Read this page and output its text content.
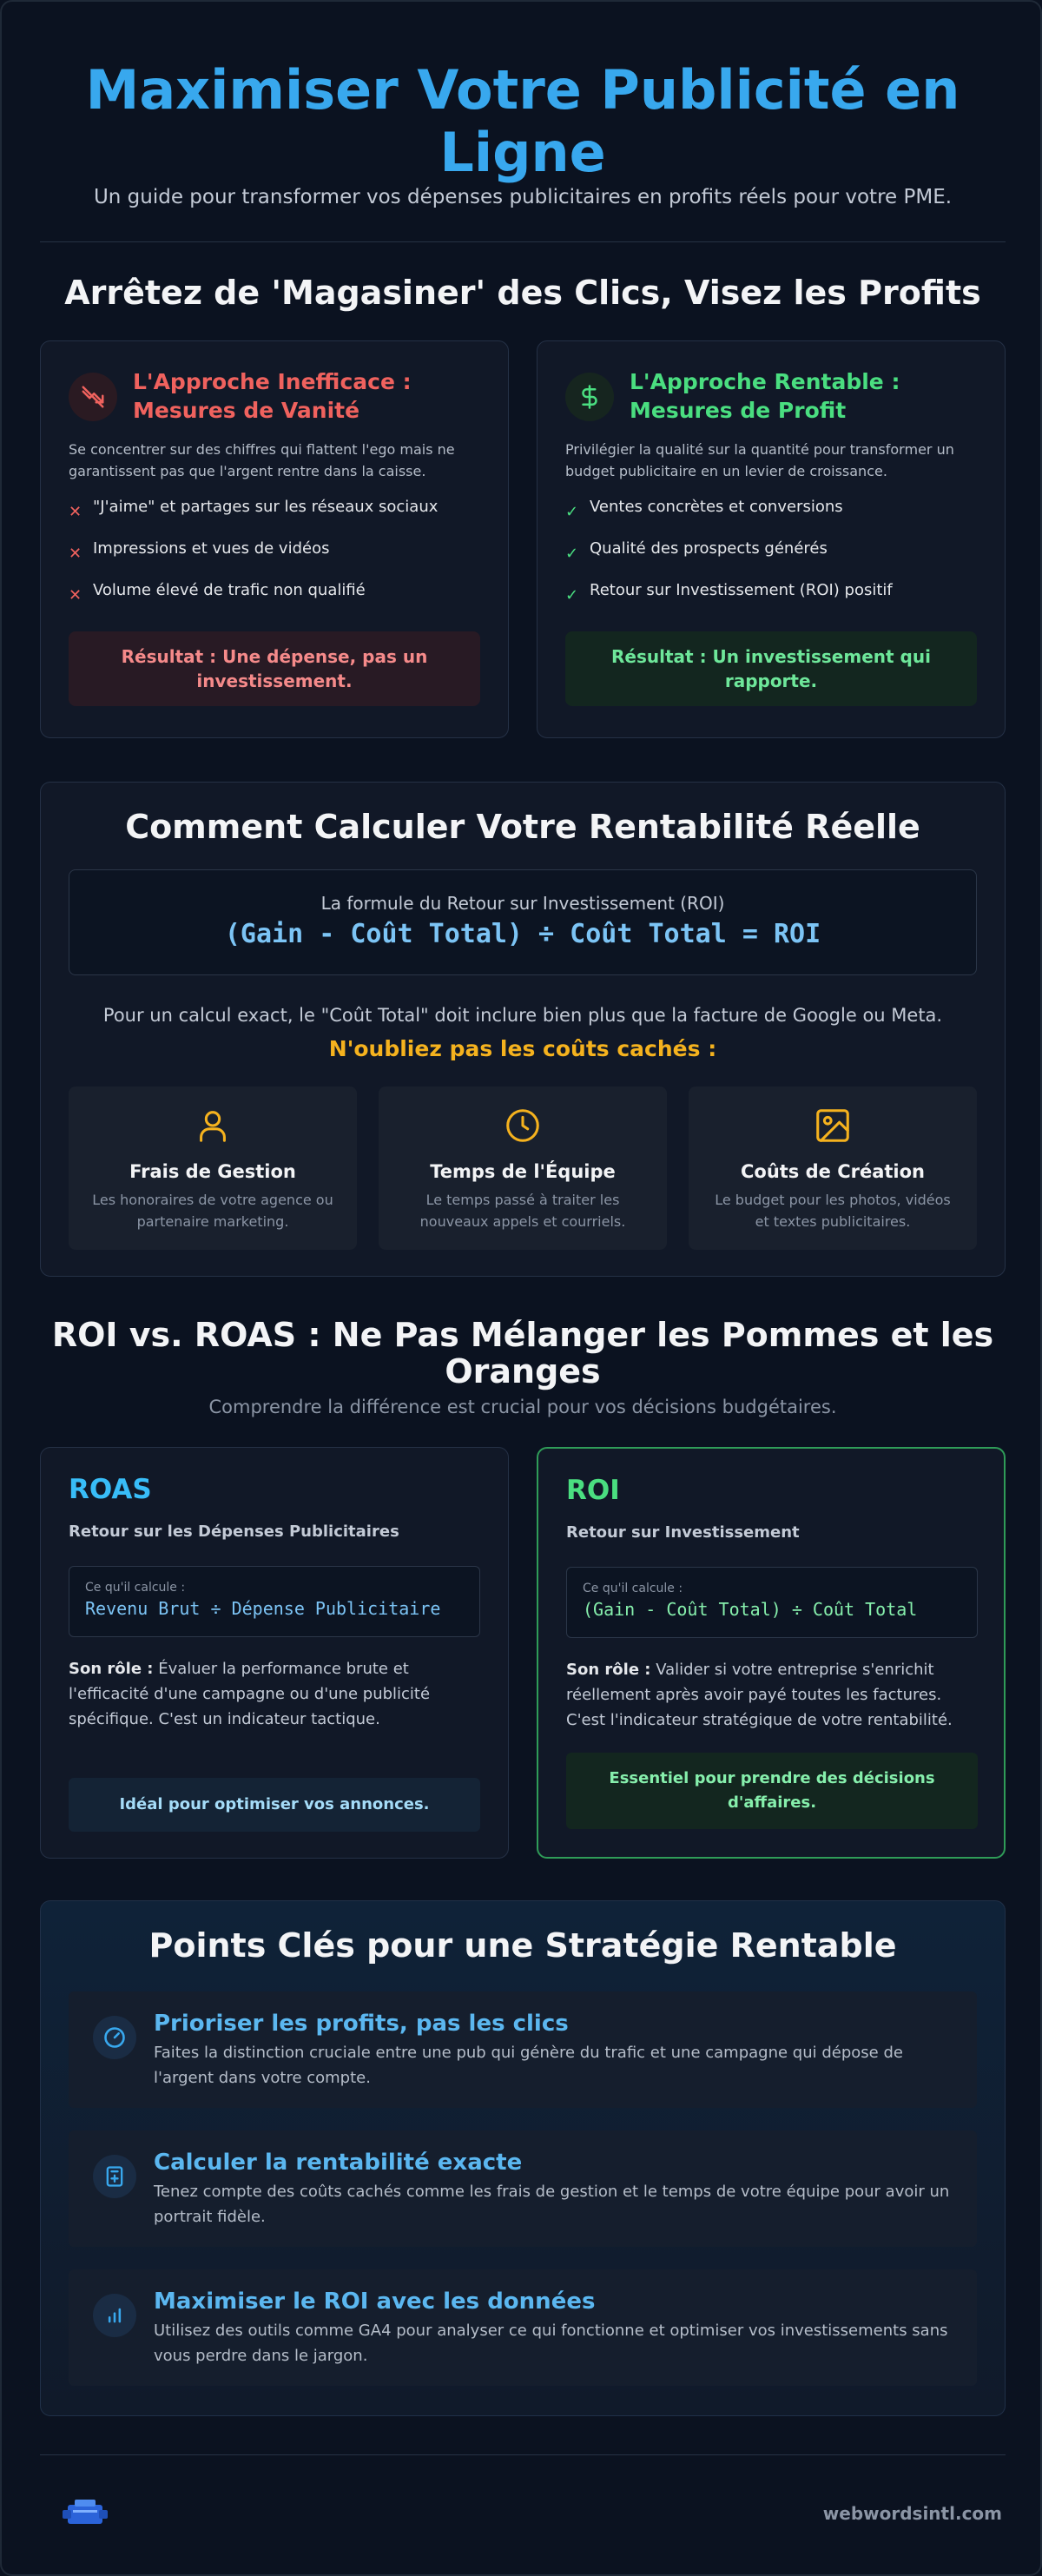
Maximiser Votre Publicité en Ligne

Un guide pour transformer vos dépenses publicitaires en profits réels pour votre PME.

Arrêtez de 'Magasiner' des Clics, Visez les Profits
L'Approche Inefficace : Mesures de Vanité

Se concentrer sur des chiffres qui flattent l'ego mais ne garantissent pas que l'argent rentre dans la caisse.

✕ "J'aime" et partages sur les réseaux sociaux
✕ Impressions et vues de vidéos
✕ Volume élevé de trafic non qualifié
Résultat : Une dépense, pas un investissement.
L'Approche Rentable : Mesures de Profit

Privilégier la qualité sur la quantité pour transformer un budget publicitaire en un levier de croissance.

✓ Ventes concrètes et conversions
✓ Qualité des prospects générés
✓ Retour sur Investissement (ROI) positif
Résultat : Un investissement qui rapporte.
Comment Calculer Votre Rentabilité Réelle
La formule du Retour sur Investissement (ROI)
(Gain - Coût Total) ÷ Coût Total = ROI

Pour un calcul exact, le "Coût Total" doit inclure bien plus que la facture de Google ou Meta.

N'oubliez pas les coûts cachés :

Frais de Gestion
Les honoraires de votre agence ou partenaire marketing.
Temps de l'Équipe
Le temps passé à traiter les nouveaux appels et courriels.
Coûts de Création
Le budget pour les photos, vidéos et textes publicitaires.
ROI vs. ROAS : Ne Pas Mélanger les Pommes et les Oranges

Comprendre la différence est crucial pour vos décisions budgétaires.

ROAS
Retour sur les Dépenses Publicitaires
Ce qu'il calcule :
Revenu Brut ÷ Dépense Publicitaire

Son rôle : Évaluer la performance brute et l'efficacité d'une campagne ou d'une publicité spécifique. C'est un indicateur tactique.

Idéal pour optimiser vos annonces.
ROI
Retour sur Investissement
Ce qu'il calcule :
(Gain - Coût Total) ÷ Coût Total

Son rôle : Valider si votre entreprise s'enrichit réellement après avoir payé toutes les factures. C'est l'indicateur stratégique de votre rentabilité.

Essentiel pour prendre des décisions d'affaires.
Points Clés pour une Stratégie Rentable
Prioriser les profits, pas les clics

Faites la distinction cruciale entre une pub qui génère du trafic et une campagne qui dépose de l'argent dans votre compte.

Calculer la rentabilité exacte

Tenez compte des coûts cachés comme les frais de gestion et le temps de votre équipe pour avoir un portrait fidèle.

Maximiser le ROI avec les données

Utilisez des outils comme GA4 pour analyser ce qui fonctionne et optimiser vos investissements sans vous perdre dans le jargon.

webwordsintl.com
